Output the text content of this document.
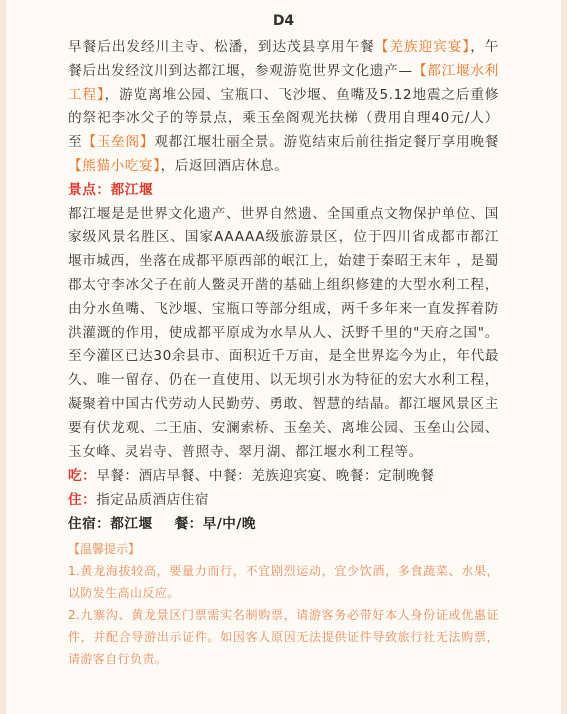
D4

早餐后出发经川主寺、松潘，到达茂县享用午餐【羌族迎宾宴】，午餐后出发经汶川到达都江堰，参观游览世界文化遗产—【都江堰水利工程】，游览离堆公园、宝瓶口、飞沙堰、鱼嘴及5.12地震之后重修的祭祀李冰父子的等景点，乘玉垒阁观光扶梯（费用自理40元/人）至【玉垒阁】观都江堰壮丽全景。游览结束后前往指定餐厅享用晚餐【熊猫小吃宴】，后返回酒店休息。

景点：都江堰

都江堰是是世界文化遗产、世界自然遗、全国重点文物保护单位、国家级风景名胜区、国家AAAAA级旅游景区，位于四川省成都市都江堰市城西，坐落在成都平原西部的岷江上，始建于秦昭王末年 ，是蜀郡太守李冰父子在前人鳖灵开凿的基础上组织修建的大型水利工程，由分水鱼嘴、飞沙堰、宝瓶口等部分组成，两千多年来一直发挥着防洪灌溉的作用，使成都平原成为水旱从人、沃野千里的"天府之国"。至今灌区已达30余县市、面积近千万亩，是全世界迄今为止，年代最久、唯一留存、仍在一直使用、以无坝引水为特征的宏大水利工程，凝聚着中国古代劳动人民勤劳、勇敢、智慧的结晶。都江堰风景区主要有伏龙观、二王庙、安澜索桥、玉垒关、离堆公园、玉垒山公园、玉女峰、灵岩寺、普照寺、翠月湖、都江堰水利工程等。

吃：早餐：酒店早餐、中餐：羌族迎宾宴、晚餐：定制晚餐

住：指定品质酒店住宿

住宿：都江堰 餐：早/中/晚

【温馨提示】

1.黄龙海拔较高，要量力而行，不宜剧烈运动，宜少饮酒，多食蔬菜、水果，以防发生高山反应。

2.九寨沟、黄龙景区门票需实名制购票，请游客务必带好本人身份证或优惠证件，并配合导游出示证件。如因客人原因无法提供证件导致旅行社无法购票，请游客自行负责。
